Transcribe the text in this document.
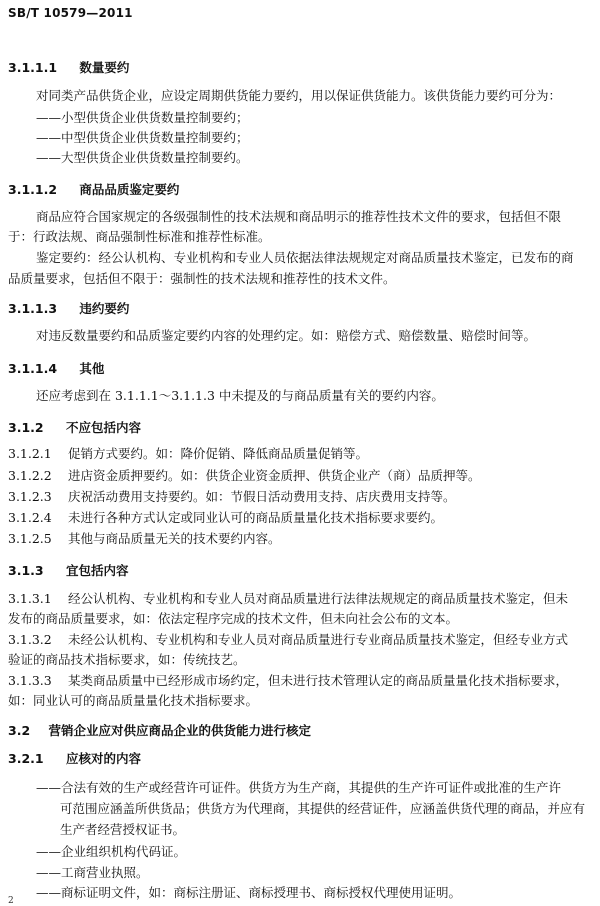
SB/T 10579—2011
3.1.1.1 数量要约
对同类产品供货企业，应设定周期供货能力要约，用以保证供货能力。该供货能力要约可分为：
——小型供货企业供货数量控制要约；
——中型供货企业供货数量控制要约；
——大型供货企业供货数量控制要约。
3.1.1.2 商品品质鉴定要约
商品应符合国家规定的各级强制性的技术法规和商品明示的推荐性技术文件的要求，包括但不限
于：行政法规、商品强制性标准和推荐性标准。
鉴定要约：经公认机构、专业机构和专业人员依据法律法规规定对商品质量技术鉴定，已发布的商
品质量要求，包括但不限于：强制性的技术法规和推荐性的技术文件。
3.1.1.3 违约要约
对违反数量要约和品质鉴定要约内容的处理约定。如：赔偿方式、赔偿数量、赔偿时间等。
3.1.1.4 其他
还应考虑到在 3.1.1.1～3.1.1.3 中未提及的与商品质量有关的要约内容。
3.1.2 不应包括内容
3.1.2.1 促销方式要约。如：降价促销、降低商品质量促销等。
3.1.2.2 进店资金质押要约。如：供货企业资金质押、供货企业产（商）品质押等。
3.1.2.3 庆祝活动费用支持要约。如：节假日活动费用支持、店庆费用支持等。
3.1.2.4 未进行各种方式认定或同业认可的商品质量量化技术指标要求要约。
3.1.2.5 其他与商品质量无关的技术要约内容。
3.1.3 宜包括内容
3.1.3.1 经公认机构、专业机构和专业人员对商品质量进行法律法规规定的商品质量技术鉴定，但未
发布的商品质量要求，如：依法定程序完成的技术文件，但未向社会公布的文本。
3.1.3.2 未经公认机构、专业机构和专业人员对商品质量进行专业商品质量技术鉴定，但经专业方式
验证的商品技术指标要求，如：传统技艺。
3.1.3.3 某类商品质量中已经形成市场约定，但未进行技术管理认定的商品质量量化技术指标要求，
如：同业认可的商品质量量化技术指标要求。
3.2 营销企业应对供应商品企业的供货能力进行核定
3.2.1 应核对的内容
——合法有效的生产或经营许可证件。供货方为生产商，其提供的生产许可证件或批准的生产许
可范围应涵盖所供货品；供货方为代理商，其提供的经营证件，应涵盖供货代理的商品，并应有
生产者经营授权证书。
——企业组织机构代码证。
——工商营业执照。
——商标证明文件，如：商标注册证、商标授理书、商标授权代理使用证明。
2
